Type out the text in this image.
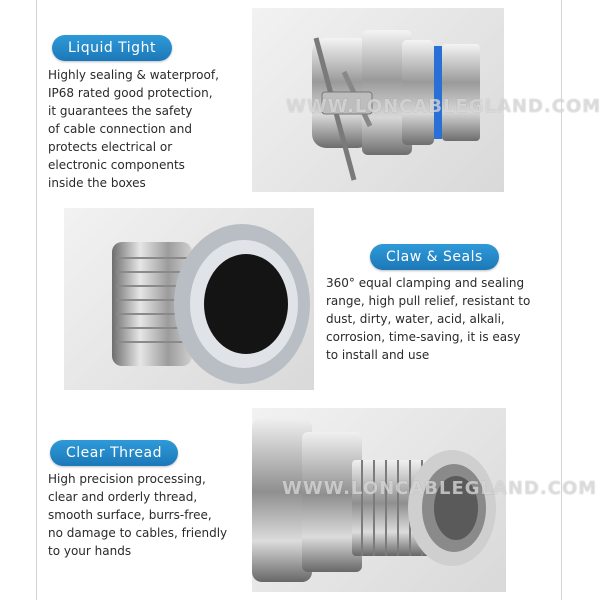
Liquid Tight

Highly sealing & waterproof,
IP68 rated good protection,
it guarantees the safety
of cable connection and
protects electrical or
electronic components
inside the boxes

WWW.LONCABLEGLAND.COM
Claw & Seals

360° equal clamping and sealing
range, high pull relief, resistant to
dust, dirty, water, acid, alkali,
corrosion, time-saving, it is easy
to install and use

Clear Thread

High precision processing,
clear and orderly thread,
smooth surface, burrs-free,
no damage to cables, friendly
to your hands

WWW.LONCABLEGLAND.COM
